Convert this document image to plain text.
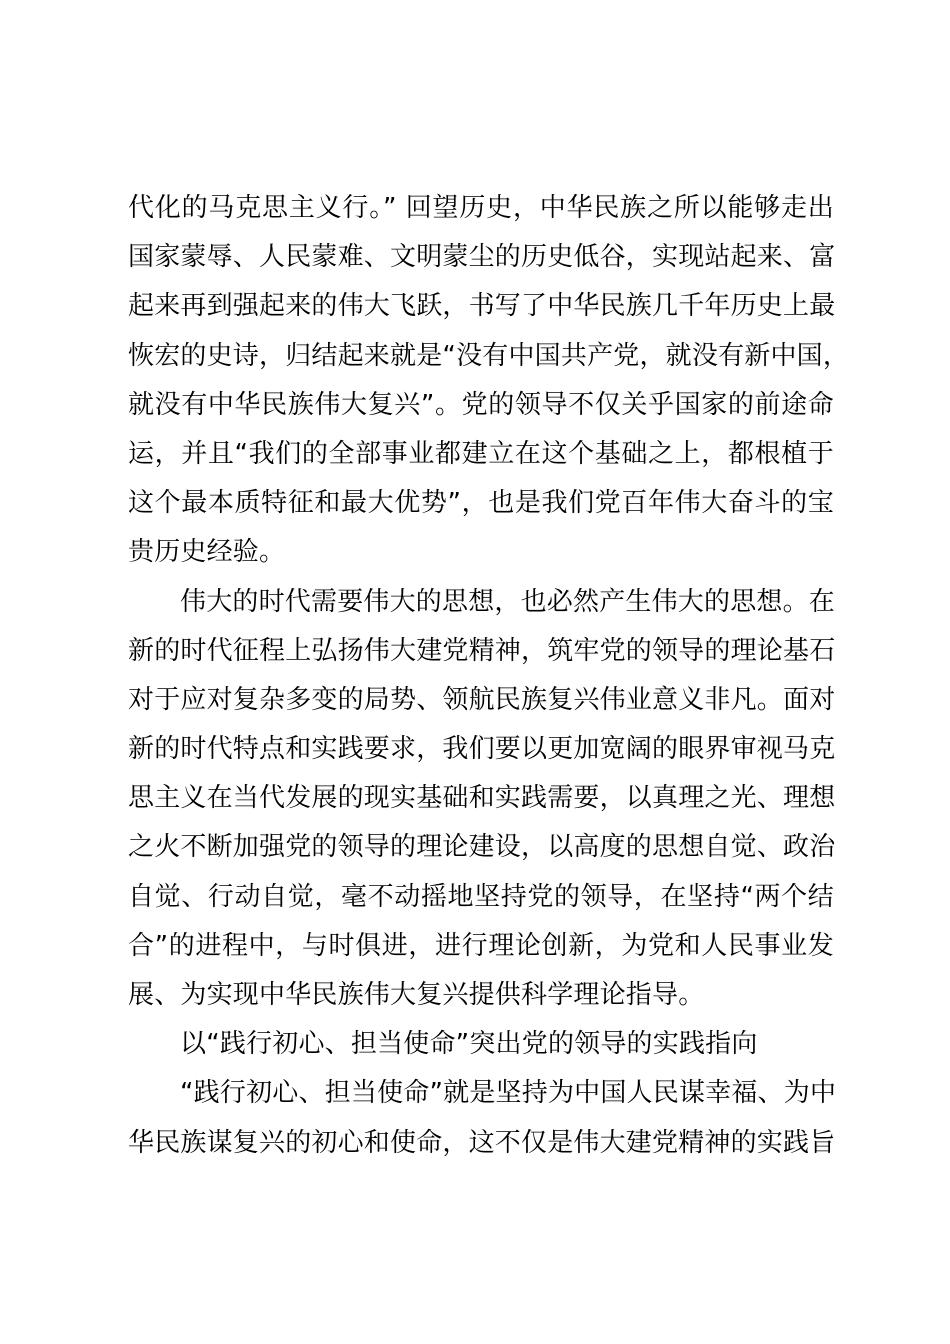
代化的马克思主义行。” 回望历史，中华民族之所以能够走出
国家蒙辱、人民蒙难、文明蒙尘的历史低谷，实现站起来、富
起来再到强起来的伟大飞跃，书写了中华民族几千年历史上最
恢宏的史诗，归结起来就是“没有中国共产党，就没有新中国，
就没有中华民族伟大复兴”。党的领导不仅关乎国家的前途命
运，并且“我们的全部事业都建立在这个基础之上，都根植于
这个最本质特征和最大优势”，也是我们党百年伟大奋斗的宝
贵历史经验。
伟大的时代需要伟大的思想，也必然产生伟大的思想。在
新的时代征程上弘扬伟大建党精神，筑牢党的领导的理论基石
对于应对复杂多变的局势、领航民族复兴伟业意义非凡。面对
新的时代特点和实践要求，我们要以更加宽阔的眼界审视马克
思主义在当代发展的现实基础和实践需要，以真理之光、理想
之火不断加强党的领导的理论建设，以高度的思想自觉、政治
自觉、行动自觉，毫不动摇地坚持党的领导，在坚持“两个结
合”的进程中，与时俱进，进行理论创新，为党和人民事业发
展、为实现中华民族伟大复兴提供科学理论指导。
以“践行初心、担当使命”突出党的领导的实践指向
“践行初心、担当使命”就是坚持为中国人民谋幸福、为中
华民族谋复兴的初心和使命，这不仅是伟大建党精神的实践旨
